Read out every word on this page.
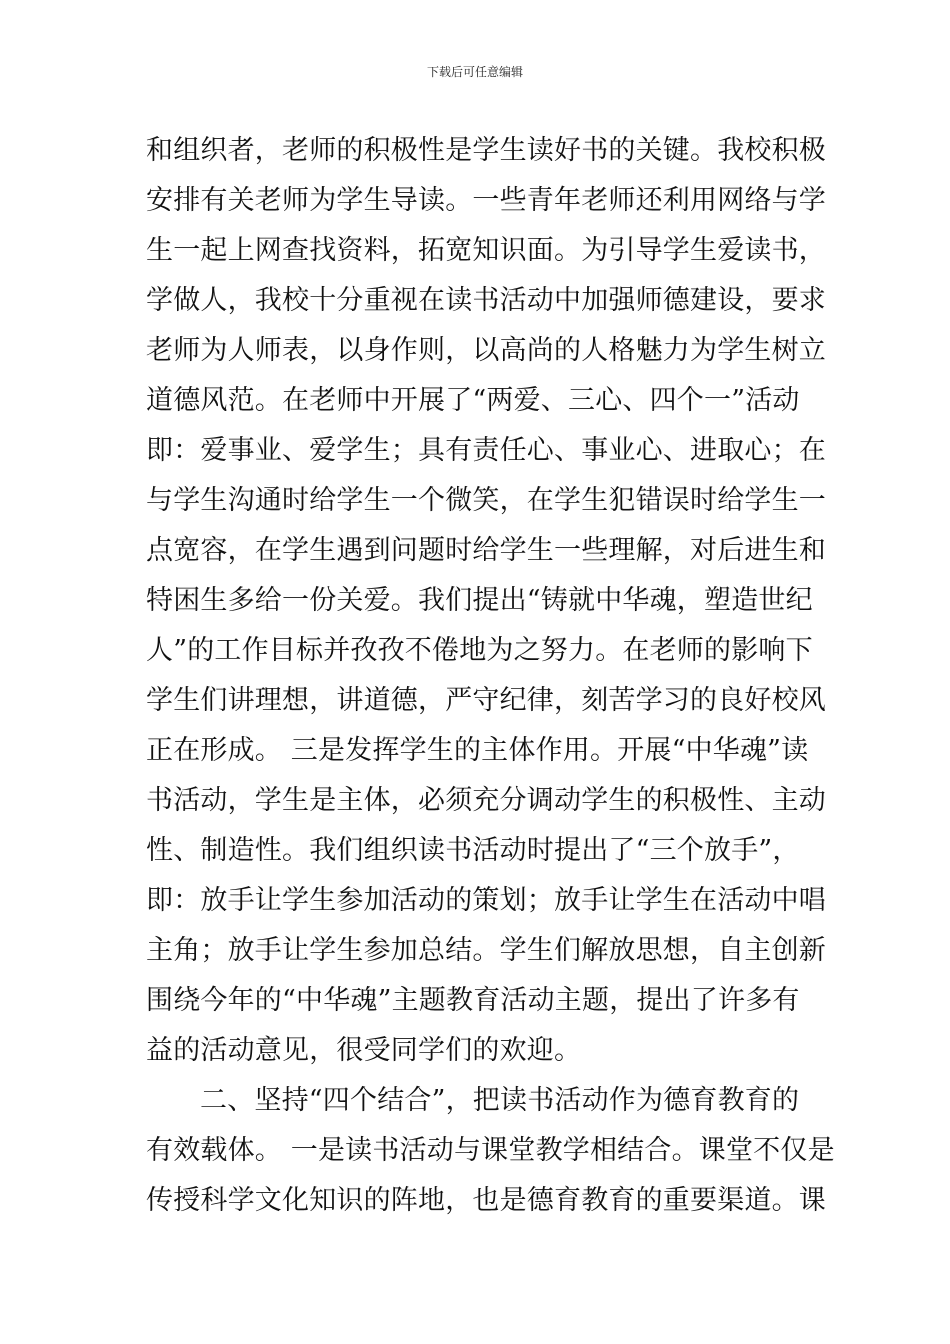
下载后可任意编辑
和组织者，老师的积极性是学生读好书的关键。我校积极
安排有关老师为学生导读。一些青年老师还利用网络与学
生一起上网查找资料，拓宽知识面。为引导学生爱读书，
学做人，我校十分重视在读书活动中加强师德建设，要求
老师为人师表，以身作则，以高尚的人格魅力为学生树立
道德风范。在老师中开展了“两爱、三心、四个一”活动
即：爱事业、爱学生；具有责任心、事业心、进取心；在
与学生沟通时给学生一个微笑，在学生犯错误时给学生一
点宽容，在学生遇到问题时给学生一些理解，对后进生和
特困生多给一份关爱。我们提出“铸就中华魂，塑造世纪
人”的工作目标并孜孜不倦地为之努力。在老师的影响下
学生们讲理想，讲道德，严守纪律，刻苦学习的良好校风
正在形成。 三是发挥学生的主体作用。开展“中华魂”读
书活动，学生是主体，必须充分调动学生的积极性、主动
性、制造性。我们组织读书活动时提出了“三个放手”，
即：放手让学生参加活动的策划；放手让学生在活动中唱
主角；放手让学生参加总结。学生们解放思想，自主创新
围绕今年的“中华魂”主题教育活动主题，提出了许多有
益的活动意见，很受同学们的欢迎。
二、坚持“四个结合”，把读书活动作为德育教育的
有效载体。 一是读书活动与课堂教学相结合。课堂不仅是
传授科学文化知识的阵地，也是德育教育的重要渠道。课
